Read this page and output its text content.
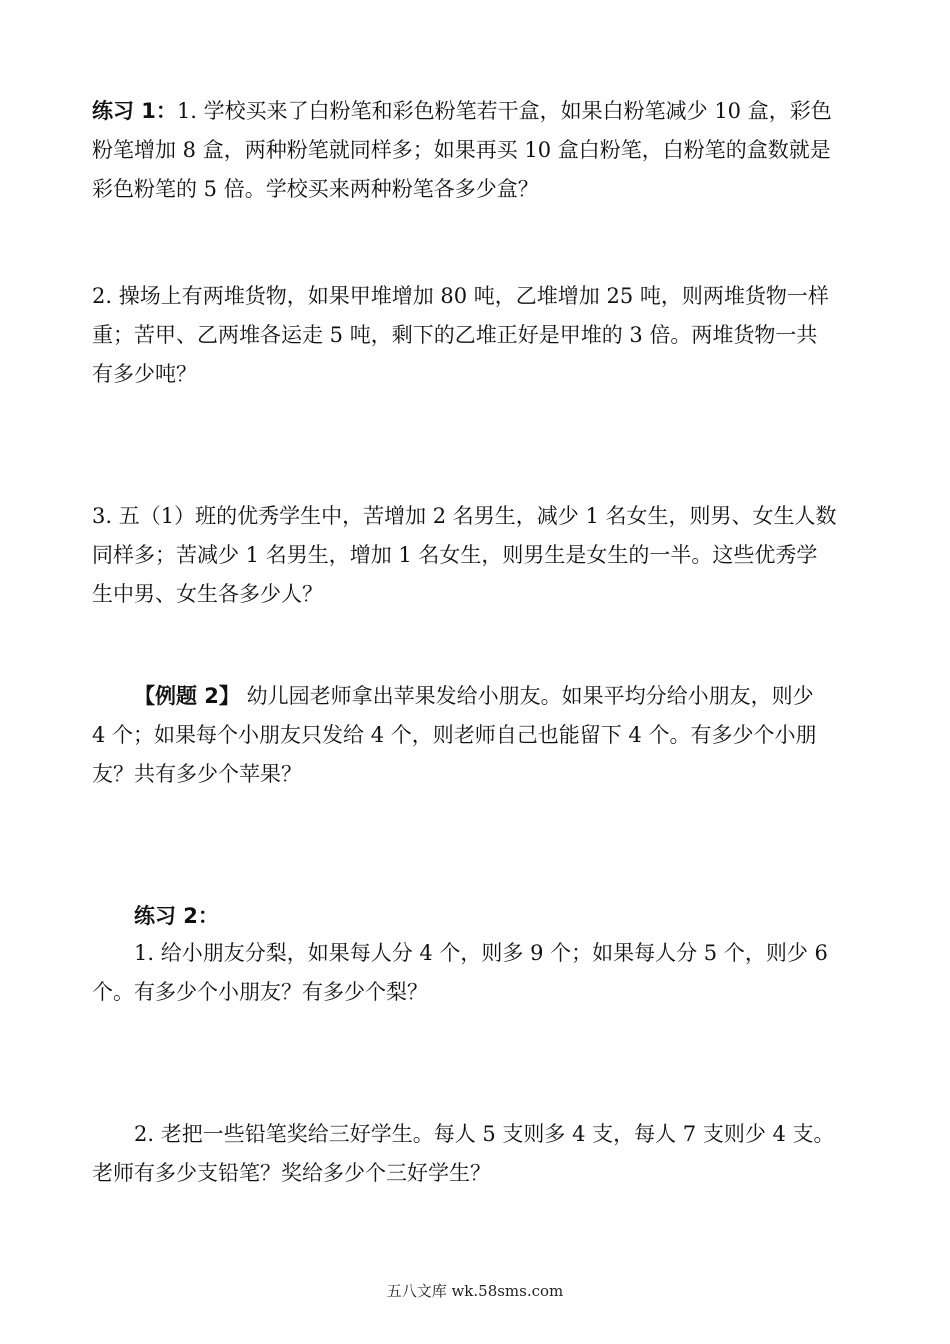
练习 1：1. 学校买来了白粉笔和彩色粉笔若干盒，如果白粉笔减少 10 盒，彩色
粉笔增加 8 盒，两种粉笔就同样多；如果再买 10 盒白粉笔，白粉笔的盒数就是
彩色粉笔的 5 倍。学校买来两种粉笔各多少盒？
2. 操场上有两堆货物，如果甲堆增加 80 吨，乙堆增加 25 吨，则两堆货物一样
重；苦甲、乙两堆各运走 5 吨，剩下的乙堆正好是甲堆的 3 倍。两堆货物一共
有多少吨？
3. 五（1）班的优秀学生中，苦增加 2 名男生，减少 1 名女生，则男、女生人数
同样多；苦减少 1 名男生，增加 1 名女生，则男生是女生的一半。这些优秀学
生中男、女生各多少人？
【例题 2】 幼儿园老师拿出苹果发给小朋友。如果平均分给小朋友，则少
4 个；如果每个小朋友只发给 4 个，则老师自己也能留下 4 个。有多少个小朋
友？共有多少个苹果？
练习 2：
1. 给小朋友分梨，如果每人分 4 个，则多 9 个；如果每人分 5 个，则少 6
个。有多少个小朋友？有多少个梨？
2. 老把一些铅笔奖给三好学生。每人 5 支则多 4 支，每人 7 支则少 4 支。
老师有多少支铅笔？奖给多少个三好学生？
五八文库 wk.58sms.com
